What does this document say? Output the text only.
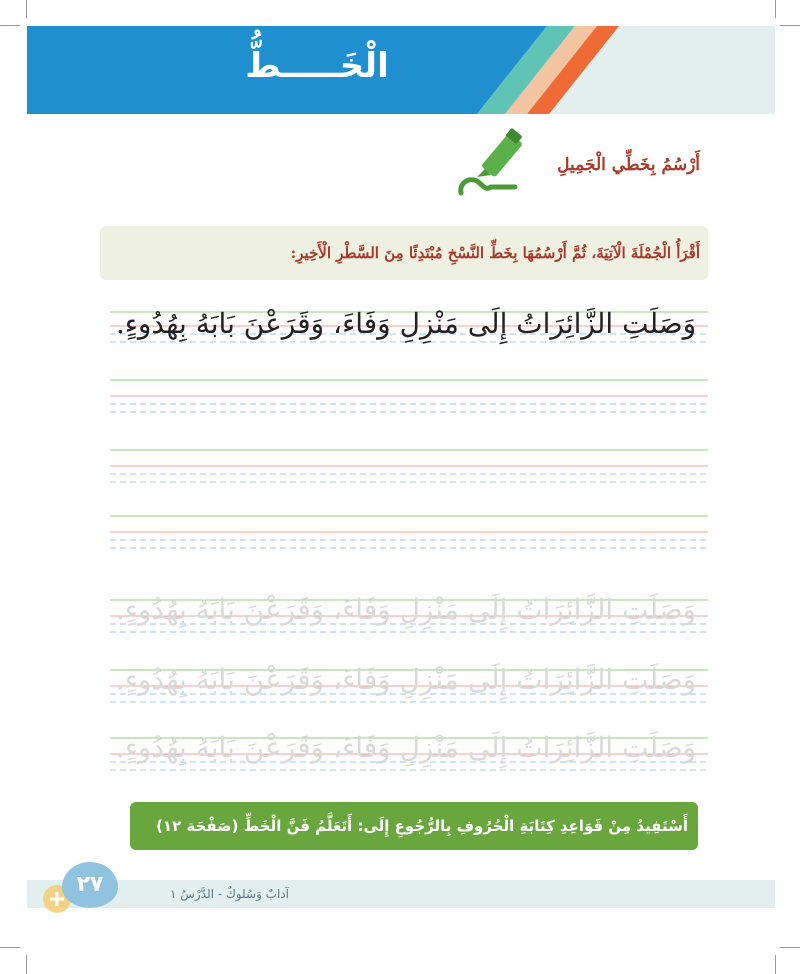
الْخَـــــطُّ
أَرْسُمُ بِخَطِّي الْجَمِيلِ
أَقْرَأُ الْجُمْلَةَ الْآتِيَةَ، ثُمَّ أَرْسُمُهَا بِخَطِّ النَّسْخِ مُبْتَدِئًا مِنَ السَّطْرِ الْأَخِيرِ:
وَصَلَتِ الزَّائِرَاتُ إِلَى مَنْزِلِ وَفَاءَ، وَقَرَعْنَ بَابَهُ بِهُدُوءٍ.
وَصَلَتِ الزَّائِرَاتُ إِلَى مَنْزِلِ وَفَاءَ، وَقَرَعْنَ بَابَهُ بِهُدُوءٍ.
وَصَلَتِ الزَّائِرَاتُ إِلَى مَنْزِلِ وَفَاءَ، وَقَرَعْنَ بَابَهُ بِهُدُوءٍ.
وَصَلَتِ الزَّائِرَاتُ إِلَى مَنْزِلِ وَفَاءَ، وَقَرَعْنَ بَابَهُ بِهُدُوءٍ.
أَسْتَفِيدُ مِنْ قَوَاعِدِ كِتَابَةِ الْحُرُوفِ بِالرُّجُوعِ إِلَى: أَتَعَلَّمُ فَنَّ الْخَطِّ (صَفْحَة ١٢)
٢٧	آدابٌ وَسُلوكٌ - الدَّرْسُ ١
